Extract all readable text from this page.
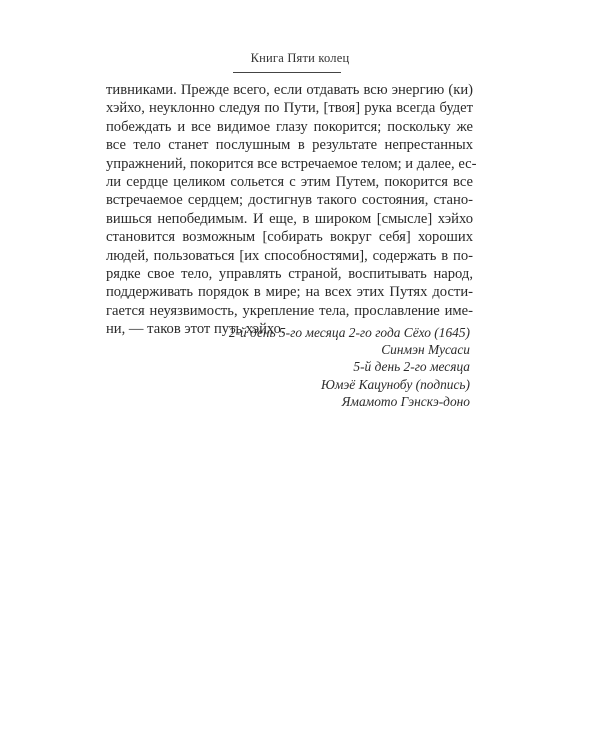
Книга Пяти колец
тивниками. Прежде всего, если отдавать всю энергию (ки)
хэйхо, неуклонно следуя по Пути, [твоя] рука всегда будет
побеждать и все видимое глазу покорится; поскольку же
все тело станет послушным в результате непрестанных
упражнений, покорится все встречаемое телом; и далее, ес-
ли сердце целиком сольется с этим Путем, покорится все
встречаемое сердцем; достигнув такого состояния, стано-
вишься непобедимым. И еще, в широком [смысле] хэйхо
становится возможным [собирать вокруг себя] хороших
людей, пользоваться [их способностями], содержать в по-
рядке свое тело, управлять страной, воспитывать народ,
поддерживать порядок в мире; на всех этих Путях дости-
гается неуязвимость, укрепление тела, прославление име-
ни, — таков этот путь хэйхо.
2-й день 5-го месяца 2-го года Сёхо (1645)
Синмэн Мусаси
5-й день 2-го месяца
Юмэё Кацунобу (подпись)
Ямамото Гэнскэ-доно
